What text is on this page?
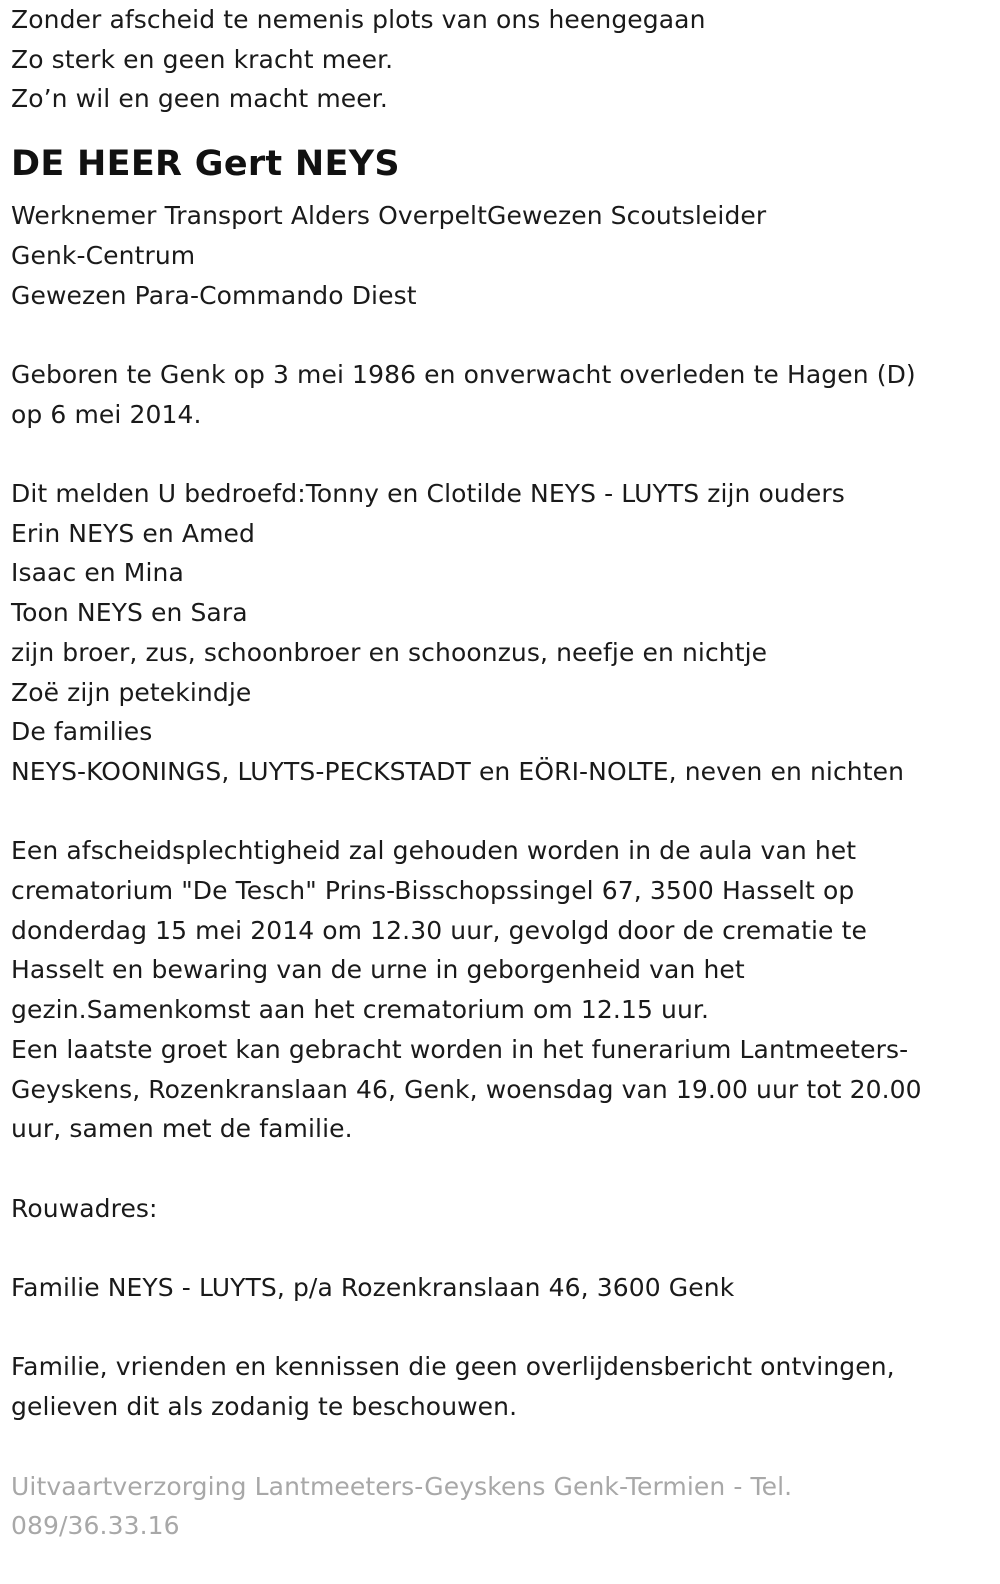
Zonder afscheid te nemenis plots van ons heengegaan
Zo sterk en geen kracht meer.
Zo’n wil en geen macht meer.
DE HEER Gert NEYS
Werknemer Transport Alders OverpeltGewezen Scoutsleider
Genk-Centrum
Gewezen Para-Commando Diest
Geboren te Genk op 3 mei 1986 en onverwacht overleden te Hagen (D)
op 6 mei 2014.
Dit melden U bedroefd:Tonny en Clotilde NEYS - LUYTS zijn ouders
Erin NEYS en Amed
Isaac en Mina
Toon NEYS en Sara
zijn broer, zus, schoonbroer en schoonzus, neefje en nichtje
Zoë zijn petekindje
De families
NEYS-KOONINGS, LUYTS-PECKSTADT en EÖRI-NOLTE, neven en nichten
Een afscheidsplechtigheid zal gehouden worden in de aula van het
crematorium "De Tesch" Prins-Bisschopssingel 67, 3500 Hasselt op
donderdag 15 mei 2014 om 12.30 uur, gevolgd door de crematie te
Hasselt en bewaring van de urne in geborgenheid van het
gezin.Samenkomst aan het crematorium om 12.15 uur.
Een laatste groet kan gebracht worden in het funerarium Lantmeeters-
Geyskens, Rozenkranslaan 46, Genk, woensdag van 19.00 uur tot 20.00
uur, samen met de familie.
Rouwadres:
Familie NEYS - LUYTS, p/a Rozenkranslaan 46, 3600 Genk
Familie, vrienden en kennissen die geen overlijdensbericht ontvingen,
gelieven dit als zodanig te beschouwen.
Uitvaartverzorging Lantmeeters-Geyskens Genk-Termien - Tel.
089/36.33.16
